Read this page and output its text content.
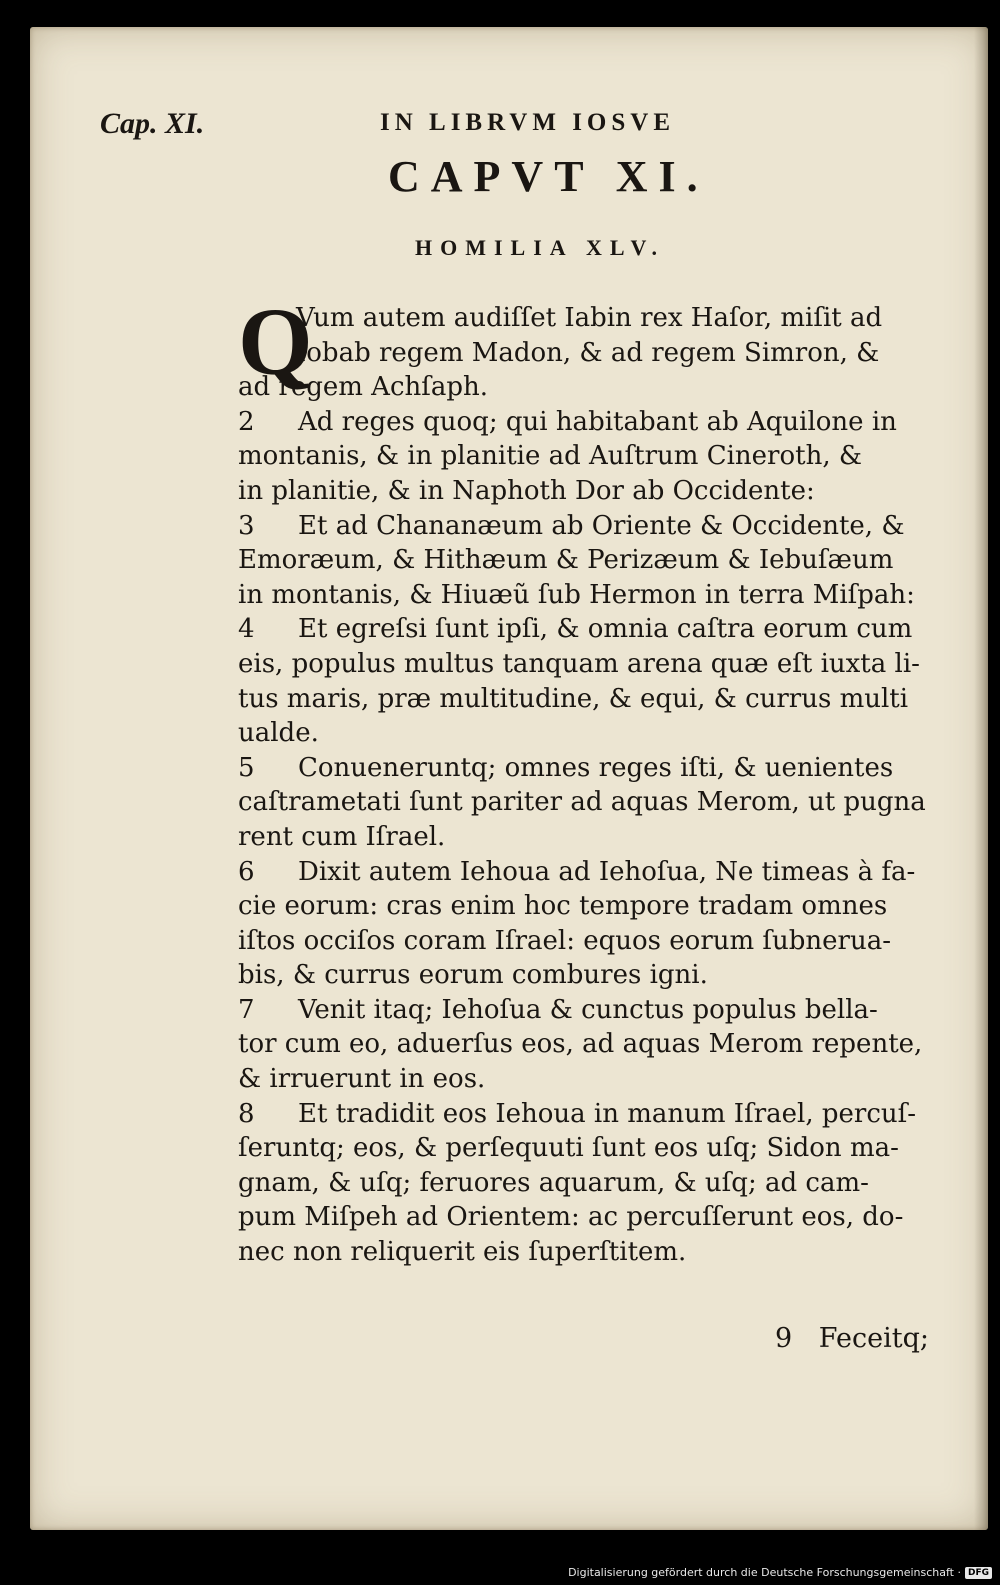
Cap. XI.	IN LIBRVM IOSVE
CAPVT XI.
HOMILIA XLV.
Q
Vum autem audiſſet Iabin rex Haſor, miſit ad
Iobab regem Madon, & ad regem Simron, &
ad regem Achſaph.
2 Ad reges quoq; qui habitabant ab Aquilone in
montanis, & in planitie ad Auſtrum Cineroth, &
in planitie, & in Naphoth Dor ab Occidente:
3 Et ad Chananæum ab Oriente & Occidente, &
Emoræum, & Hithæum & Perizæum & Iebuſæum
in montanis, & Hiuæũ ſub Hermon in terra Miſpah:
4 Et egreſsi ſunt ipſi, & omnia caſtra eorum cum
eis, populus multus tanquam arena quæ eſt iuxta li-
tus maris, præ multitudine, & equi, & currus multi
ualde.
5 Conueneruntq; omnes reges iſti, & uenientes
caſtrametati ſunt pariter ad aquas Merom, ut pugna
rent cum Iſrael.
6 Dixit autem Iehoua ad Iehoſua, Ne timeas à fa-
cie eorum: cras enim hoc tempore tradam omnes
iſtos occiſos coram Iſrael: equos eorum ſubnerua-
bis, & currus eorum combures igni.
7 Venit itaq; Iehoſua & cunctus populus bella-
tor cum eo, aduerſus eos, ad aquas Merom repente,
& irruerunt in eos.
8 Et tradidit eos Iehoua in manum Iſrael, percuſ-
ſeruntq; eos, & perſequuti ſunt eos uſq; Sidon ma-
gnam, & uſq; feruores aquarum, & uſq; ad cam-
pum Miſpeh ad Orientem: ac percuſſerunt eos, do-
nec non reliquerit eis ſuperſtitem.
9 Feceitq;
Digitalisierung gefördert durch die Deutsche Forschungsgemeinschaft · DFG
